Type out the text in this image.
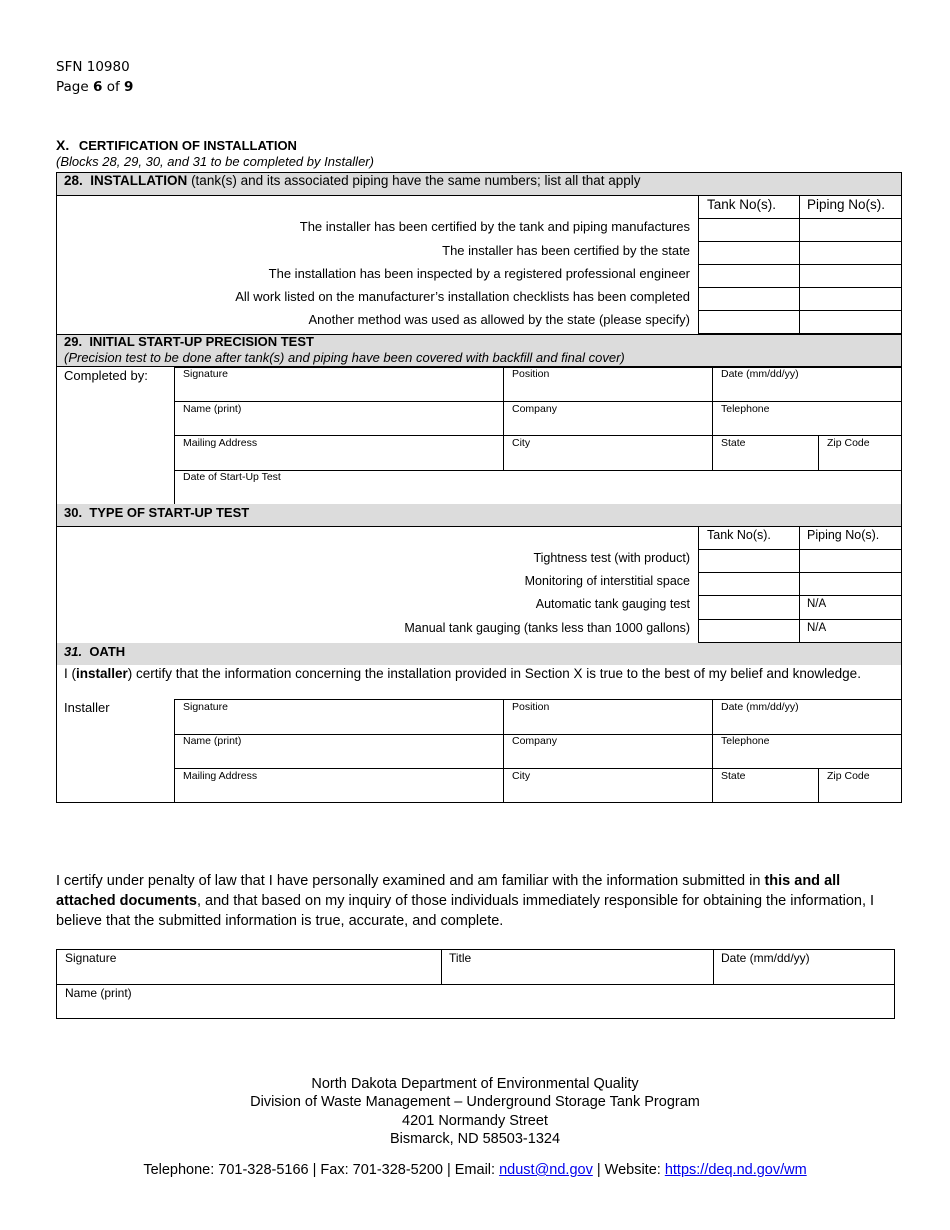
SFN 10980
Page 6 of 9
X. CERTIFICATION OF INSTALLATION
(Blocks 28, 29, 30, and 31 to be completed by Installer)
28. INSTALLATION (tank(s) and its associated piping have the same numbers; list all that apply
Tank No(s). Piping No(s).
The installer has been certified by the tank and piping manufactures
The installer has been certified by the state
The installation has been inspected by a registered professional engineer
All work listed on the manufacturer’s installation checklists has been completed
Another method was used as allowed by the state (please specify)
29. INITIAL START-UP PRECISION TEST
(Precision test to be done after tank(s) and piping have been covered with backfill and final cover)
Completed by:	Signature	Position	Date (mm/dd/yy)
Name (print)	Company	Telephone
Mailing Address	City	State	Zip Code
Date of Start-Up Test
30. TYPE OF START-UP TEST
Tank No(s).	Piping No(s).
Tightness test (with product)
Monitoring of interstitial space
Automatic tank gauging test	N/A
Manual tank gauging (tanks less than 1000 gallons)	N/A
31. OATH
I (installer) certify that the information concerning the installation provided in Section X is true to the best of my belief and knowledge.
Installer	Signature	Position	Date (mm/dd/yy)
Name (print)	Company	Telephone
Mailing Address	City	State	Zip Code
I certify under penalty of law that I have personally examined and am familiar with the information submitted in this and all attached documents, and that based on my inquiry of those individuals immediately responsible for obtaining the information, I believe that the submitted information is true, accurate, and complete.
Signature	Title	Date (mm/dd/yy)
Name (print)
North Dakota Department of Environmental Quality
Division of Waste Management – Underground Storage Tank Program
4201 Normandy Street
Bismarck, ND 58503-1324
Telephone: 701-328-5166 | Fax: 701-328-5200 | Email: ndust@nd.gov | Website: https://deq.nd.gov/wm
